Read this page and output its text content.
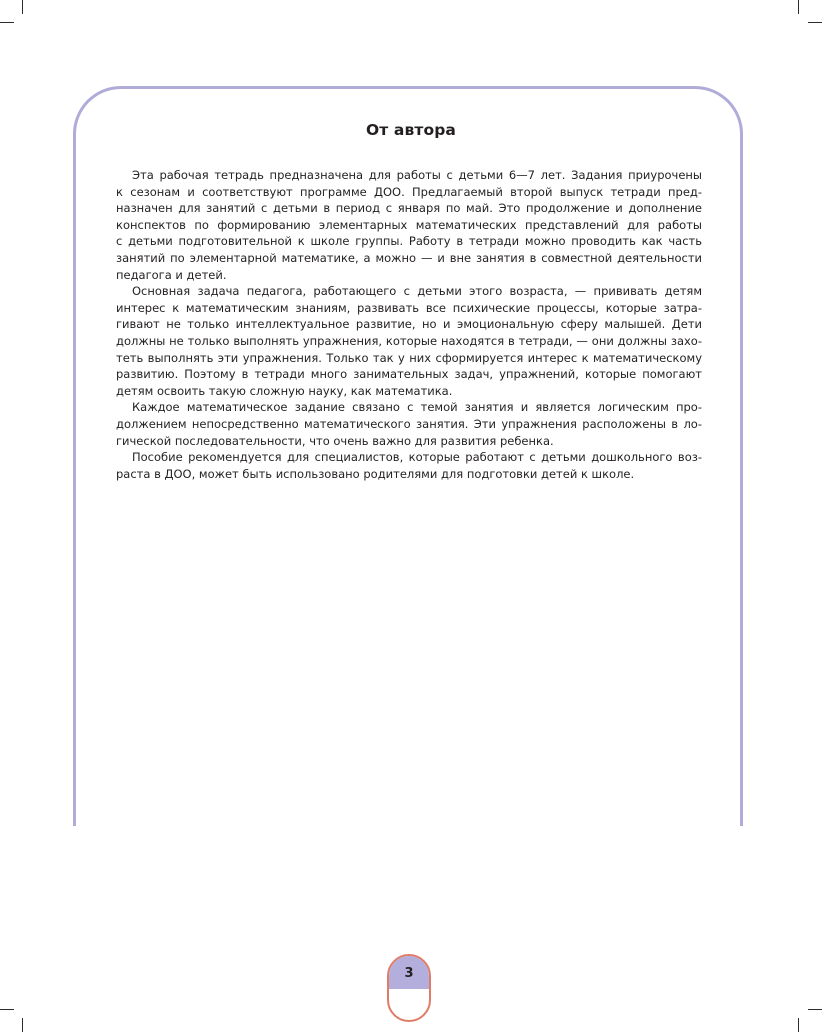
От автора
Эта рабочая тетрадь предназначена для работы с детьми 6—7 лет. Задания приурочены
к сезонам и соответствуют программе ДОО. Предлагаемый второй выпуск тетради пред-
назначен для занятий с детьми в период с января по май. Это продолжение и дополнение
конспектов по формированию элементарных математических представлений для работы
с детьми подготовительной к школе группы. Работу в тетради можно проводить как часть
занятий по элементарной математике, а можно — и вне занятия в совместной деятельности
педагога и детей.
Основная задача педагога, работающего с детьми этого возраста, — прививать детям
интерес к математическим знаниям, развивать все психические процессы, которые затра-
гивают не только интеллектуальное развитие, но и эмоциональную сферу малышей. Дети
должны не только выполнять упражнения, которые находятся в тетради, — они должны захо-
теть выполнять эти упражнения. Только так у них сформируется интерес к математическому
развитию. Поэтому в тетради много занимательных задач, упражнений, которые помогают
детям освоить такую сложную науку, как математика.
Каждое математическое задание связано с темой занятия и является логическим про-
должением непосредственно математического занятия. Эти упражнения расположены в ло-
гической последовательности, что очень важно для развития ребенка.
Пособие рекомендуется для специалистов, которые работают с детьми дошкольного воз-
раста в ДОО, может быть использовано родителями для подготовки детей к школе.
3
